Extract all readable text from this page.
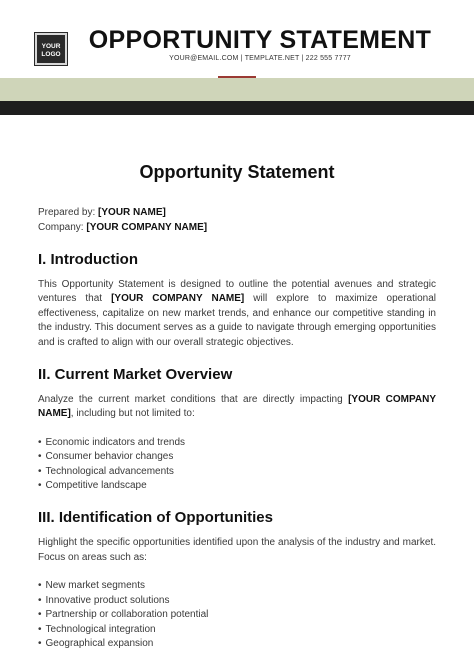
YOUR
LOGO OPPORTUNITY STATEMENT
YOUR@EMAIL.COM | TEMPLATE.NET | 222 555 7777
Opportunity Statement
Prepared by: [YOUR NAME]
Company: [YOUR COMPANY NAME]
I. Introduction

This Opportunity Statement is designed to outline the potential avenues and strategic ventures that [YOUR COMPANY NAME] will explore to maximize operational effectiveness, capitalize on new market trends, and enhance our competitive standing in the industry. This document serves as a guide to navigate through emerging opportunities and is crafted to align with our overall strategic objectives.

II. Current Market Overview

Analyze the current market conditions that are directly impacting [YOUR COMPANY NAME], including but not limited to:

• Economic indicators and trends
• Consumer behavior changes
• Technological advancements
• Competitive landscape
III. Identification of Opportunities

Highlight the specific opportunities identified upon the analysis of the industry and market. Focus on areas such as:

• New market segments
• Innovative product solutions
• Partnership or collaboration potential
• Technological integration
• Geographical expansion
